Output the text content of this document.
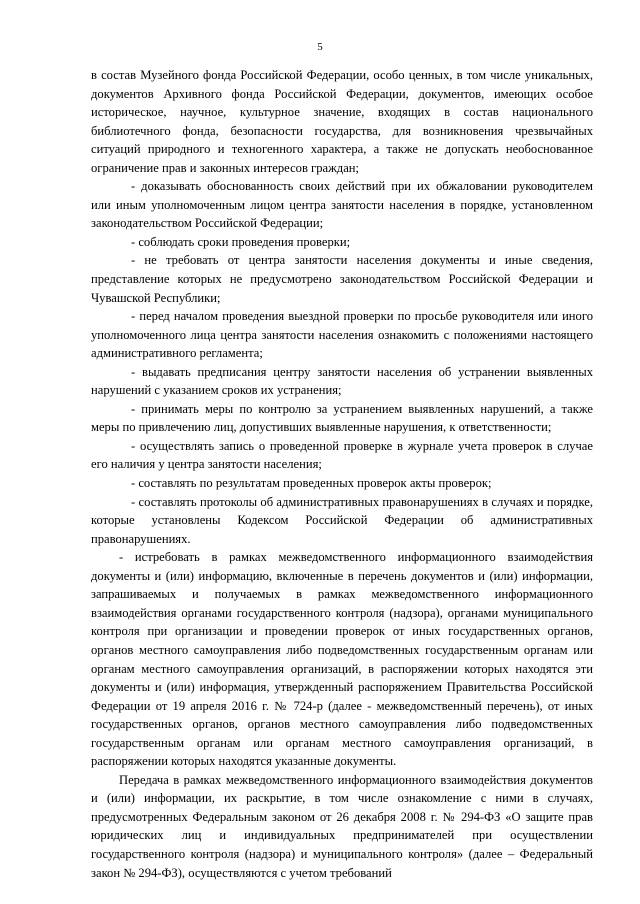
5

в состав Музейного фонда Российской Федерации, особо ценных, в том числе уникальных, документов Архивного фонда Российской Федерации, документов, имеющих особое историческое, научное, культурное значение, входящих в состав национального библиотечного фонда, безопасности государства, для возникновения чрезвычайных ситуаций природного и техногенного характера, а также не допускать необоснованное ограничение прав и законных интересов граждан;

- доказывать обоснованность своих действий при их обжаловании руководителем или иным уполномоченным лицом центра занятости населения в порядке, установленном законодательством Российской Федерации;

- соблюдать сроки проведения проверки;

- не требовать от центра занятости населения документы и иные сведения, представление которых не предусмотрено законодательством Российской Федерации и Чувашской Республики;

- перед началом проведения выездной проверки по просьбе руководителя или иного уполномоченного лица центра занятости населения ознакомить с положениями настоящего административного регламента;

- выдавать предписания центру занятости населения об устранении выявленных нарушений с указанием сроков их устранения;

- принимать меры по контролю за устранением выявленных нарушений, а также меры по привлечению лиц, допустивших выявленные нарушения, к ответственности;

- осуществлять запись о проведенной проверке в журнале учета проверок в случае его наличия у центра занятости населения;

- составлять по результатам проведенных проверок акты проверок;

- составлять протоколы об административных правонарушениях в случаях и порядке, которые установлены Кодексом Российской Федерации об административных правонарушениях.

- истребовать в рамках межведомственного информационного взаимодействия документы и (или) информацию, включенные в перечень документов и (или) информации, запрашиваемых и получаемых в рамках межведомственного информационного взаимодействия органами государственного контроля (надзора), органами муниципального контроля при организации и проведении проверок от иных государственных органов, органов местного самоуправления либо подведомственных государственным органам или органам местного самоуправления организаций, в распоряжении которых находятся эти документы и (или) информация, утвержденный распоряжением Правительства Российской Федерации от 19 апреля 2016 г. № 724-р (далее - межведомственный перечень), от иных государственных органов, органов местного самоуправления либо подведомственных государственным органам или органам местного самоуправления организаций, в распоряжении которых находятся указанные документы.

Передача в рамках межведомственного информационного взаимодействия документов и (или) информации, их раскрытие, в том числе ознакомление с ними в случаях, предусмотренных Федеральным законом от 26 декабря 2008 г. № 294-ФЗ «О защите прав юридических лиц и индивидуальных предпринимателей при осуществлении государственного контроля (надзора) и муниципального контроля» (далее – Федеральный закон № 294-ФЗ), осуществляются с учетом требований
